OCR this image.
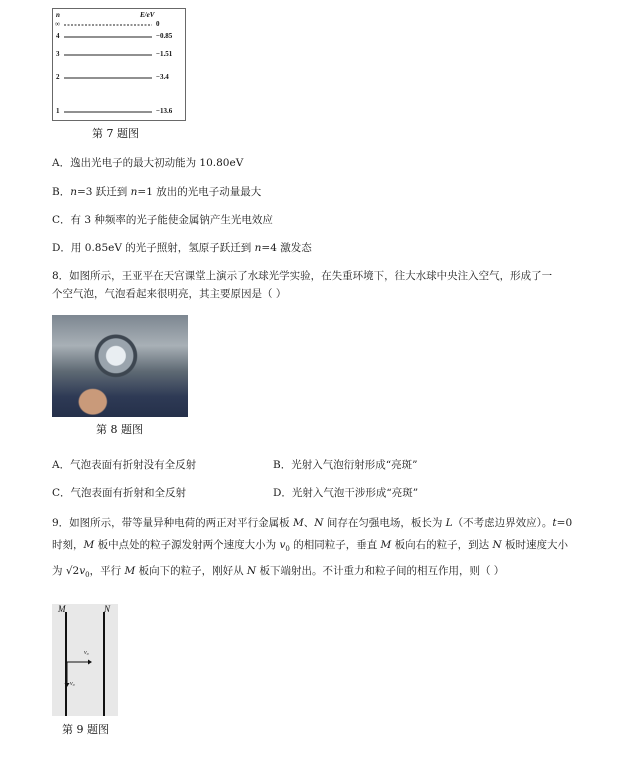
n	E/eV
∞	0
4	−0.85
3	−1.51
2	−3.4
1	−13.6
第 7 题图
A．逸出光电子的最大初动能为 10.80eV
B．n=3 跃迁到 n=1 放出的光电子动量最大
C．有 3 种频率的光子能使金属钠产生光电效应
D．用 0.85eV 的光子照射，氢原子跃迁到 n=4 激发态
8．如图所示，王亚平在天宫课堂上演示了水球光学实验，在失重环境下，往大水球中央注入空气，形成了一
个空气泡，气泡看起来很明亮，其主要原因是（ ）
第 8 题图
A．气泡表面有折射没有全反射	B．光射入气泡衍射形成“亮斑”
C．气泡表面有折射和全反射	D．光射入气泡干涉形成“亮斑”
9．如图所示，带等量异种电荷的两正对平行金属板 M、N 间存在匀强电场，板长为 L（不考虑边界效应）。t=0
时刻，M 板中点处的粒子源发射两个速度大小为 $v_0$ 的相同粒子，垂直 M 板向右的粒子，到达 N 板时速度大小
为 $√2v_0$，平行 M 板向下的粒子，刚好从 N 板下端射出。不计重力和粒子间的相互作用，则（ ）
M	N
v₀
v₀
第 9 题图
